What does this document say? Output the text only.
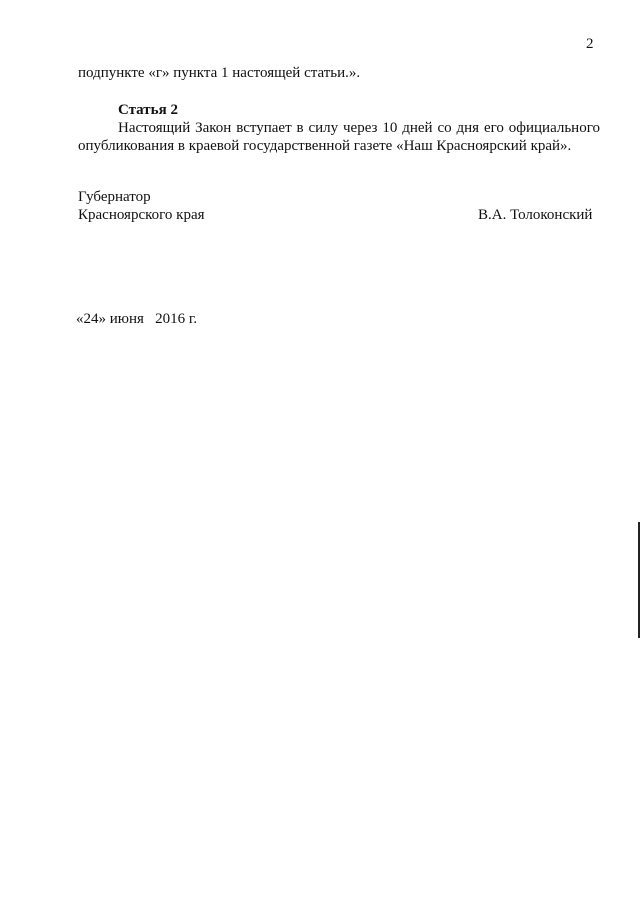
2
подпункте «г» пункта 1 настоящей статьи.».
Статья 2
Настоящий Закон вступает в силу через 10 дней со дня его официального
опубликования в краевой государственной газете «Наш Красноярский край».
Губернатор
Красноярского края	В.А. Толоконский
«24» июня   2016 г.
